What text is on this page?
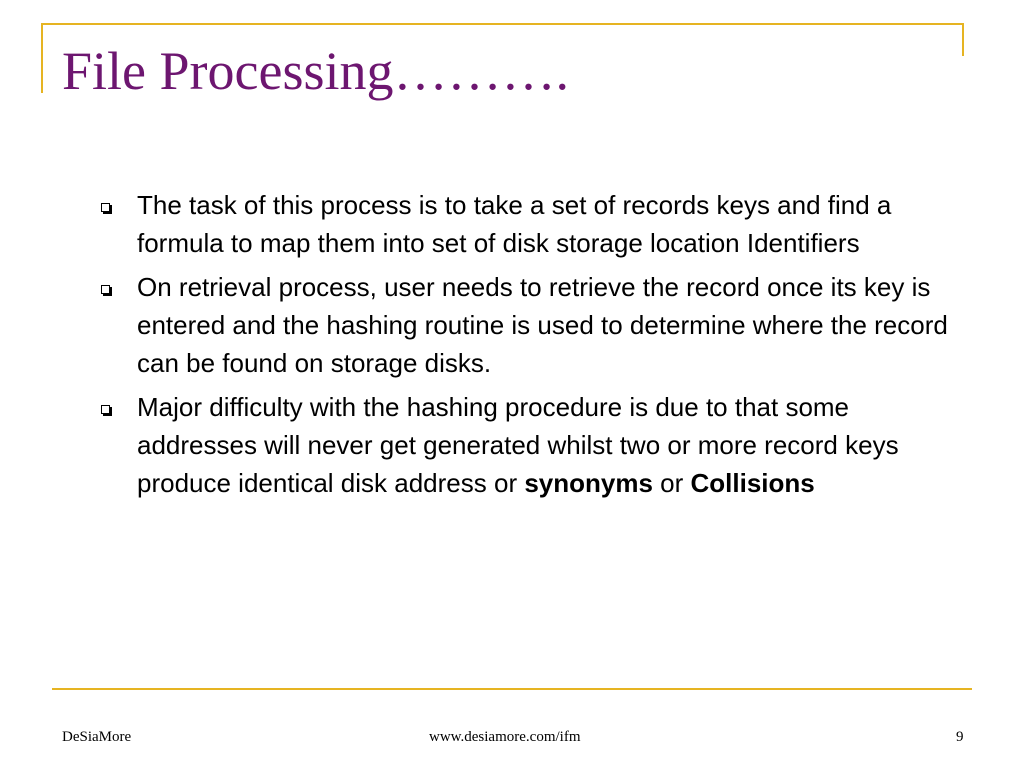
File Processing……….
The task of this process is to take a set of records keys and find a formula to map them into set of disk storage location Identifiers
On retrieval process, user needs to retrieve the record once its key is entered and the hashing routine is used to determine where the record can be found on storage disks.
Major difficulty with the hashing procedure is due to that some addresses will never get generated whilst two or more record keys produce identical disk address or synonyms or Collisions

DeSiaMore	www.desiamore.com/ifm	9
